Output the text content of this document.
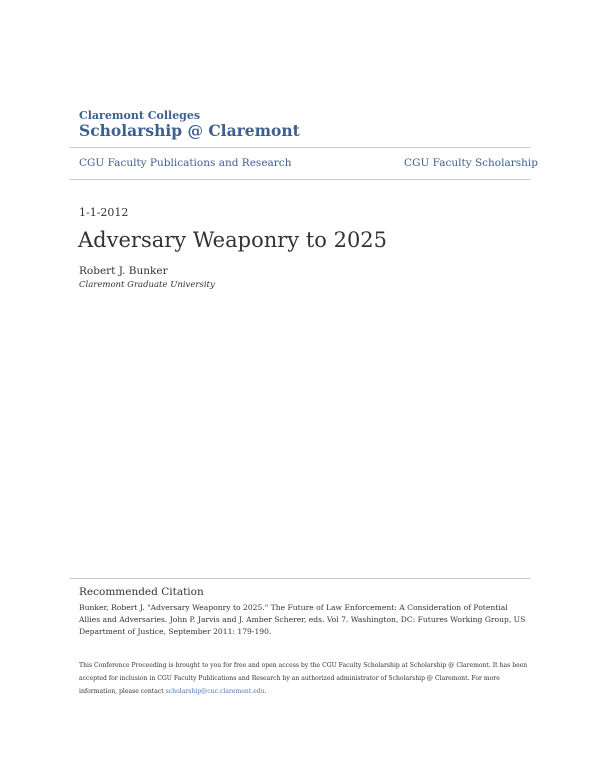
Claremont Colleges
Scholarship @ Claremont
CGU Faculty Publications and Research	CGU Faculty Scholarship
1-1-2012
Adversary Weaponry to 2025
Robert J. Bunker
Claremont Graduate University
Recommended Citation
Bunker, Robert J. "Adversary Weaponry to 2025." The Future of Law Enforcement: A Consideration of Potential Allies and Adversaries. John P. Jarvis and J. Amber Scherer, eds. Vol 7. Washington, DC: Futures Working Group, US Department of Justice, September 2011: 179-190.
This Conference Proceeding is brought to you for free and open access by the CGU Faculty Scholarship at Scholarship @ Claremont. It has been accepted for inclusion in CGU Faculty Publications and Research by an authorized administrator of Scholarship @ Claremont. For more information, please contact scholarship@cuc.claremont.edu.
